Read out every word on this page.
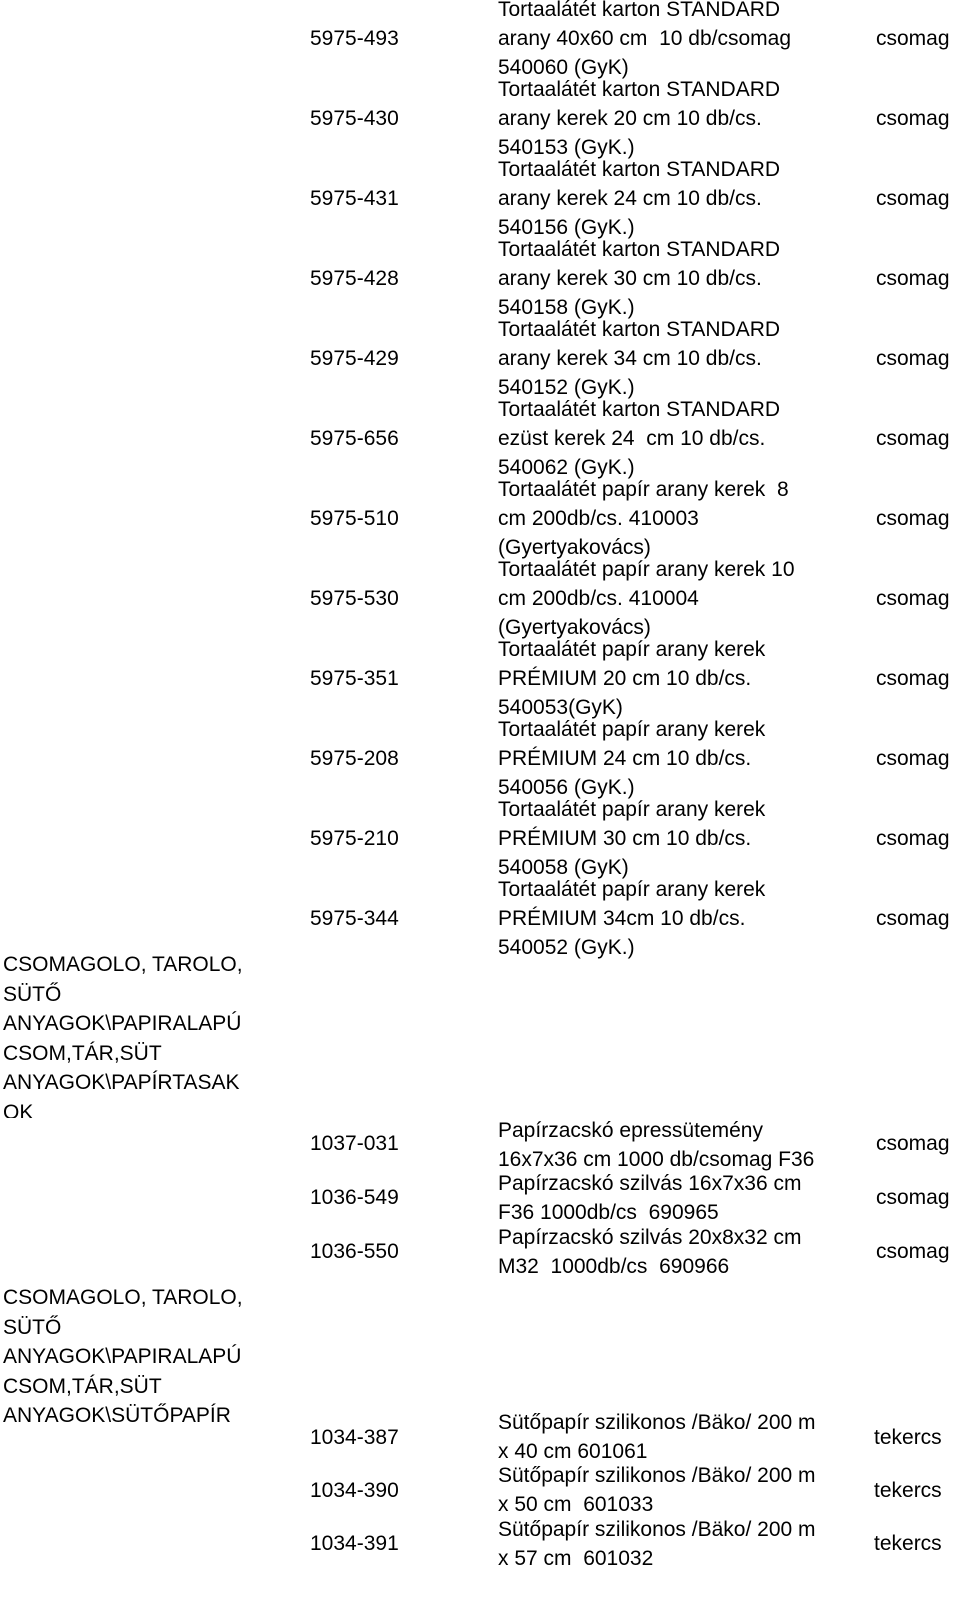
CSOMAGOLO, TAROLO,
SÜTŐ
ANYAGOK\PAPIRALAPÚ
CSOM,TÁR,SÜT
ANYAGOK\PAPÍRTASAK
OK
CSOMAGOLO, TAROLO,
SÜTŐ
ANYAGOK\PAPIRALAPÚ
CSOM,TÁR,SÜT
ANYAGOK\SÜTŐPAPÍR
5975-493
Tortaalátét karton STANDARD
arany 40x60 cm  10 db/csomag
540060 (GyK)
csomag
5975-430
Tortaalátét karton STANDARD
arany kerek 20 cm 10 db/cs.
540153 (GyK.)
csomag
5975-431
Tortaalátét karton STANDARD
arany kerek 24 cm 10 db/cs.
540156 (GyK.)
csomag
5975-428
Tortaalátét karton STANDARD
arany kerek 30 cm 10 db/cs.
540158 (GyK.)
csomag
5975-429
Tortaalátét karton STANDARD
arany kerek 34 cm 10 db/cs.
540152 (GyK.)
csomag
5975-656
Tortaalátét karton STANDARD
ezüst kerek 24  cm 10 db/cs.
540062 (GyK.)
csomag
5975-510
Tortaalátét papír arany kerek  8
cm 200db/cs. 410003
(Gyertyakovács)
csomag
5975-530
Tortaalátét papír arany kerek 10
cm 200db/cs. 410004
(Gyertyakovács)
csomag
5975-351
Tortaalátét papír arany kerek
PRÉMIUM 20 cm 10 db/cs.
540053(GyK)
csomag
5975-208
Tortaalátét papír arany kerek
PRÉMIUM 24 cm 10 db/cs.
540056 (GyK.)
csomag
5975-210
Tortaalátét papír arany kerek
PRÉMIUM 30 cm 10 db/cs.
540058 (GyK)
csomag
5975-344
Tortaalátét papír arany kerek
PRÉMIUM 34cm 10 db/cs.
540052 (GyK.)
csomag
1037-031
Papírzacskó epressütemény
16x7x36 cm 1000 db/csomag F36
csomag
1036-549
Papírzacskó szilvás 16x7x36 cm
F36 1000db/cs  690965
csomag
1036-550
Papírzacskó szilvás 20x8x32 cm
M32  1000db/cs  690966
csomag
1034-387
Sütőpapír szilikonos /Bäko/ 200 m
x 40 cm 601061
tekercs
1034-390
Sütőpapír szilikonos /Bäko/ 200 m
x 50 cm  601033
tekercs
1034-391
Sütőpapír szilikonos /Bäko/ 200 m
x 57 cm  601032
tekercs
